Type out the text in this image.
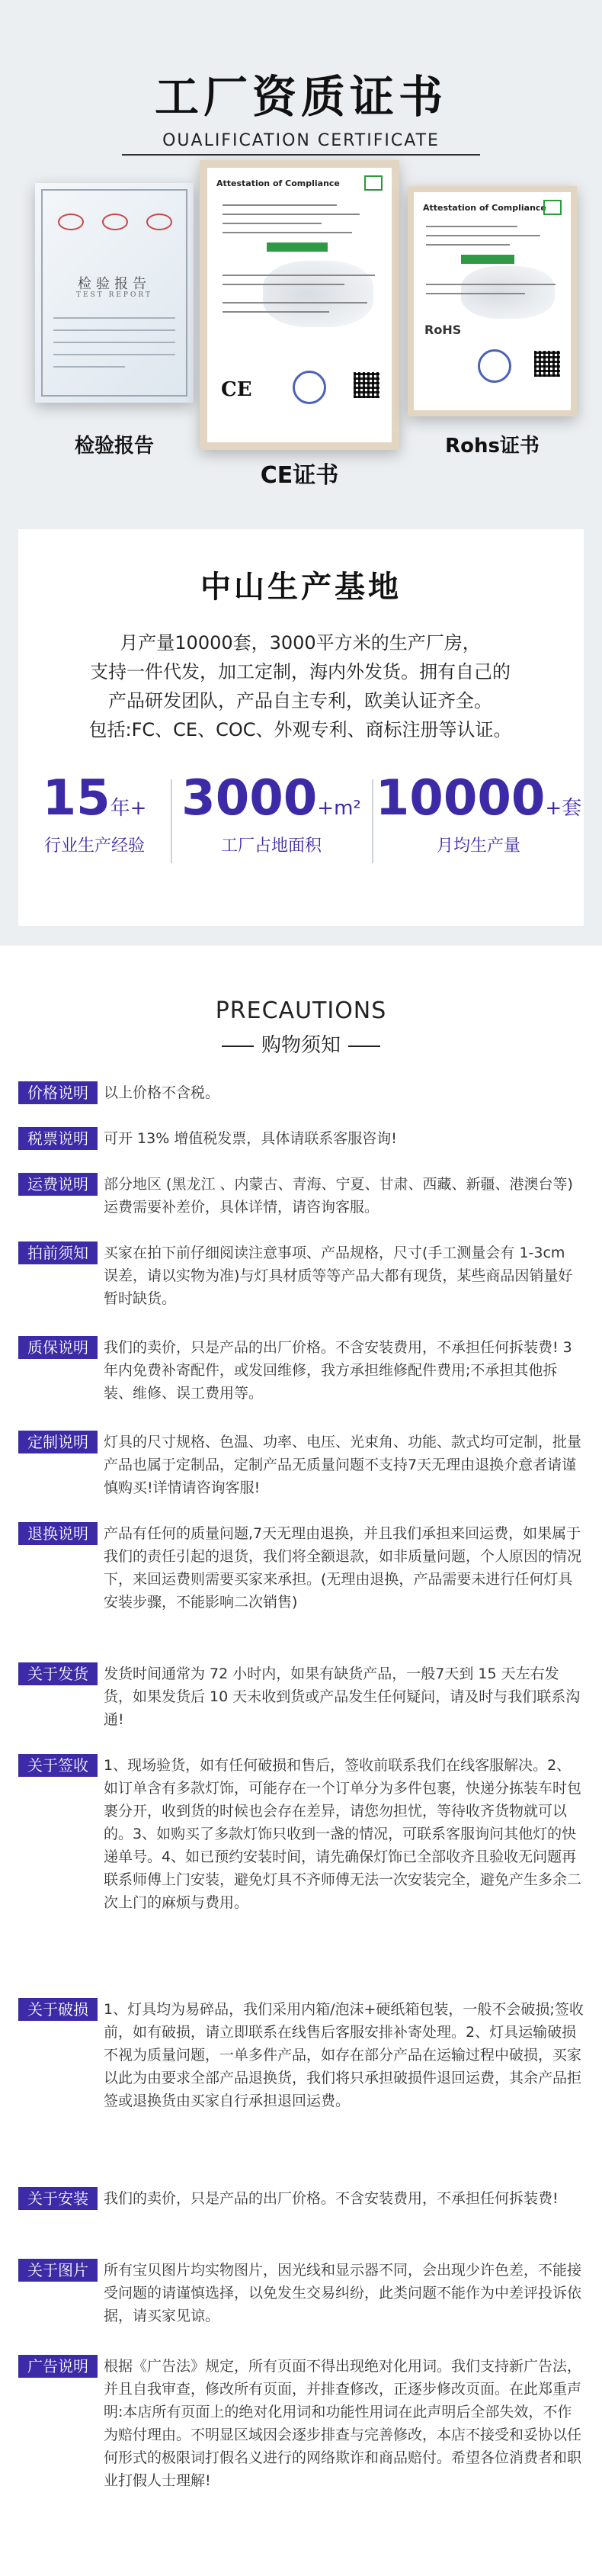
工厂资质证书
OUALIFICATION CERTIFICATE
检验报告
TEST REPORT
Attestation of Compliance
CE
Attestation of Compliance
RoHS
检验报告
CE证书
Rohs证书
中山生产基地
月产量10000套，3000平方米的生产厂房，
支持一件代发，加工定制，海内外发货。拥有自己的
产品研发团队，产品自主专利，欧美认证齐全。
包括:FC、CE、COC、外观专利、商标注册等认证。
15年+
行业生产经验
3000+m²
工厂占地面积
10000+套
月均生产量
PRECAUTIONS
购物须知
价格说明	以上价格不含税。
税票说明	可开 13% 增值税发票，具体请联系客服咨询!
运费说明	部分地区 (黑龙江 、内蒙古、青海、宁夏、甘肃、西藏、新疆、港澳台等)运费需要补差价，具体详情，请咨询客服。
拍前须知	买家在拍下前仔细阅读注意事项、产品规格，尺寸(手工测量会有 1-3cm 误差，请以实物为准)与灯具材质等等产品大都有现货，某些商品因销量好暂时缺货。
质保说明	我们的卖价，只是产品的出厂价格。不含安装费用，不承担任何拆装费! 3年内免费补寄配件，或发回维修，我方承担维修配件费用;不承担其他拆装、维修、误工费用等。
定制说明	灯具的尺寸规格、色温、功率、电压、光束角、功能、款式均可定制，批量产品也属于定制品，定制产品无质量问题不支持7天无理由退换介意者请谨慎购买!详情请咨询客服!
退换说明	产品有任何的质量问题,7天无理由退换，并且我们承担来回运费，如果属于我们的责任引起的退货，我们将全额退款，如非质量问题，个人原因的情况下，来回运费则需要买家来承担。(无理由退换，产品需要未进行任何灯具安装步骤，不能影响二次销售)
关于发货	发货时间通常为 72 小时内，如果有缺货产品，一般7天到 15 天左右发货，如果发货后 10 天未收到货或产品发生任何疑问，请及时与我们联系沟通!
关于签收	1、现场验货，如有任何破损和售后，签收前联系我们在线客服解决。2、如订单含有多款灯饰，可能存在一个订单分为多件包裹，快递分拣装车时包裹分开，收到货的时候也会存在差异，请您勿担忧，等待收齐货物就可以的。3、如购买了多款灯饰只收到一盏的情况，可联系客服询问其他灯的快递单号。4、如已预约安装时间，请先确保灯饰已全部收齐且验收无问题再联系师傅上门安装，避免灯具不齐师傅无法一次安装完全，避免产生多余二次上门的麻烦与费用。
关于破损	1、灯具均为易碎品，我们采用内箱/泡沫+硬纸箱包装，一般不会破损;签收前，如有破损，请立即联系在线售后客服安排补寄处理。2、灯具运输破损不视为质量问题，一单多件产品，如存在部分产品在运输过程中破损，买家以此为由要求全部产品退换货，我们将只承担破损件退回运费，其余产品拒签或退换货由买家自行承担退回运费。
关于安装	我们的卖价，只是产品的出厂价格。不含安装费用，不承担任何拆装费!
关于图片	所有宝贝图片均实物图片，因光线和显示器不同，会出现少许色差，不能接受问题的请谨慎选择，以免发生交易纠纷，此类问题不能作为中差评投诉依据，请买家见谅。
广告说明	根据《广告法》规定，所有页面不得出现绝对化用词。我们支持新广告法，并且自我审查，修改所有页面，并排查修改，正逐步修改页面。在此郑重声明:本店所有页面上的绝对化用词和功能性用词在此声明后全部失效，不作为赔付理由。不明显区域因会逐步排查与完善修改，本店不接受和妥协以任何形式的极限词打假名义进行的网络欺诈和商品赔付。希望各位消费者和职业打假人士理解!
